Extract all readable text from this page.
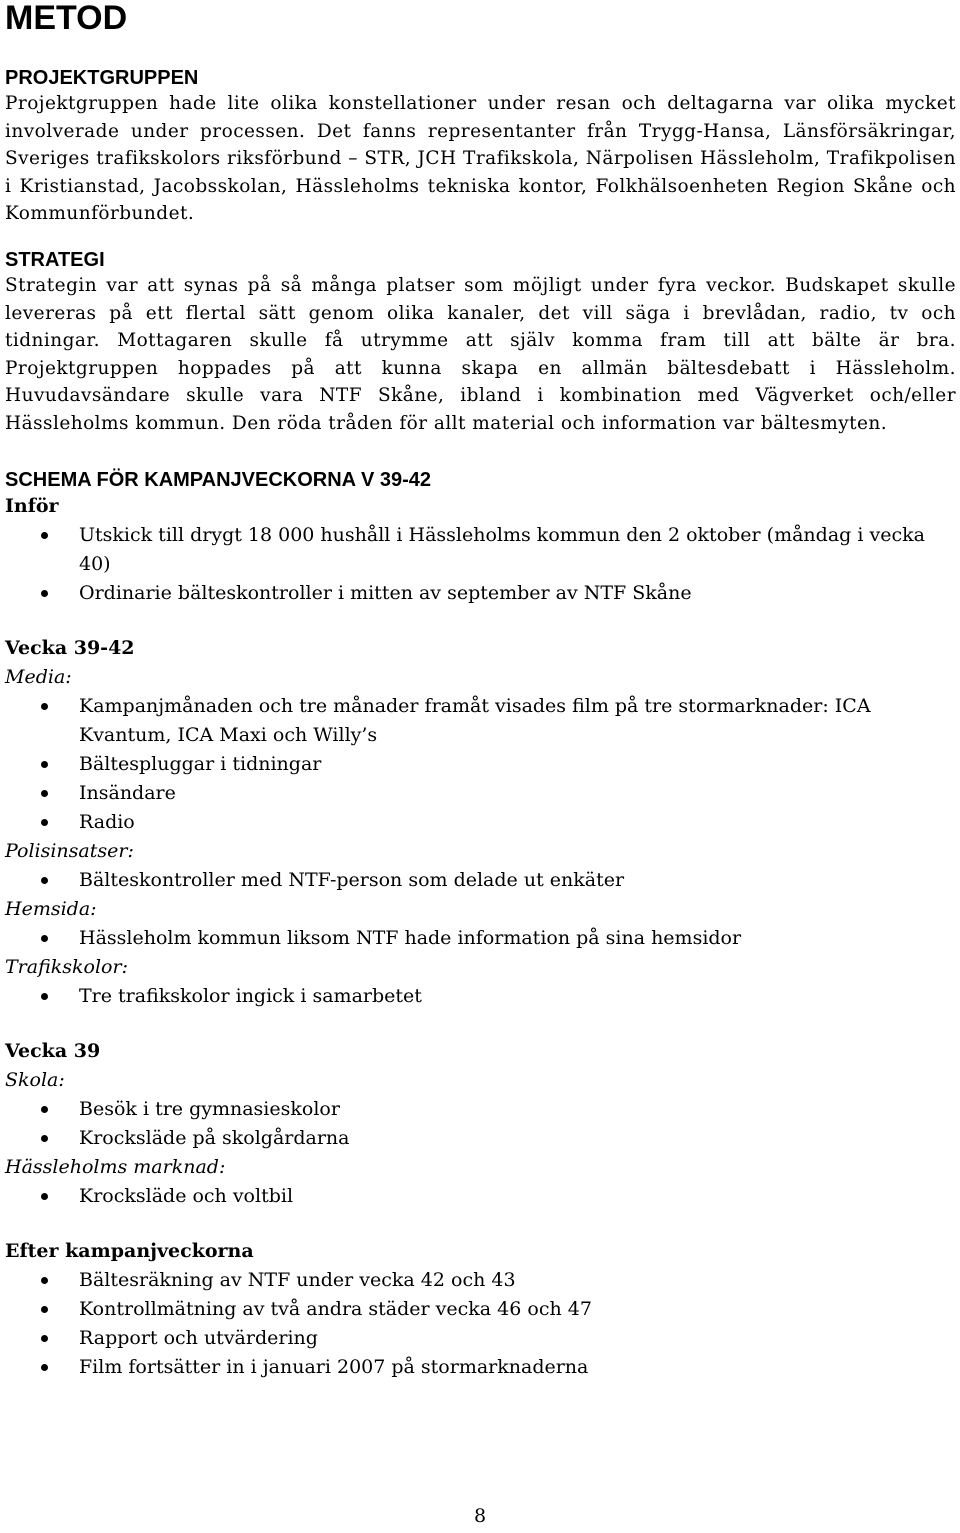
METOD
PROJEKTGRUPPEN

Projektgruppen hade lite olika konstellationer under resan och deltagarna var olika mycket involverade under processen. Det fanns representanter från Trygg-Hansa, Länsförsäkringar, Sveriges trafikskolors riksförbund – STR, JCH Trafikskola, Närpolisen Hässleholm, Trafikpolisen i Kristianstad, Jacobsskolan, Hässleholms tekniska kontor, Folkhälsoenheten Region Skåne och Kommunförbundet.

STRATEGI

Strategin var att synas på så många platser som möjligt under fyra veckor. Budskapet skulle levereras på ett flertal sätt genom olika kanaler, det vill säga i brevlådan, radio, tv och tidningar. Mottagaren skulle få utrymme att själv komma fram till att bälte är bra. Projektgruppen hoppades på att kunna skapa en allmän bältesdebatt i Hässleholm. Huvudavsändare skulle vara NTF Skåne, ibland i kombination med Vägverket och/eller Hässleholms kommun. Den röda tråden för allt material och information var bältesmyten.

SCHEMA FÖR KAMPANJVECKORNA V 39-42
Inför
Utskick till drygt 18 000 hushåll i Hässleholms kommun den 2 oktober (måndag i vecka 40)
Ordinarie bälteskontroller i mitten av september av NTF Skåne
Vecka 39-42
Media:
Kampanjmånaden och tre månader framåt visades film på tre stormarknader: ICA Kvantum, ICA Maxi och Willy’s
Bältespluggar i tidningar
Insändare
Radio
Polisinsatser:
Bälteskontroller med NTF-person som delade ut enkäter
Hemsida:
Hässleholm kommun liksom NTF hade information på sina hemsidor
Trafikskolor:
Tre trafikskolor ingick i samarbetet
Vecka 39
Skola:
Besök i tre gymnasieskolor
Krocksläde på skolgårdarna
Hässleholms marknad:
Krocksläde och voltbil
Efter kampanjveckorna
Bältesräkning av NTF under vecka 42 och 43
Kontrollmätning av två andra städer vecka 46 och 47
Rapport och utvärdering
Film fortsätter in i januari 2007 på stormarknaderna
8
